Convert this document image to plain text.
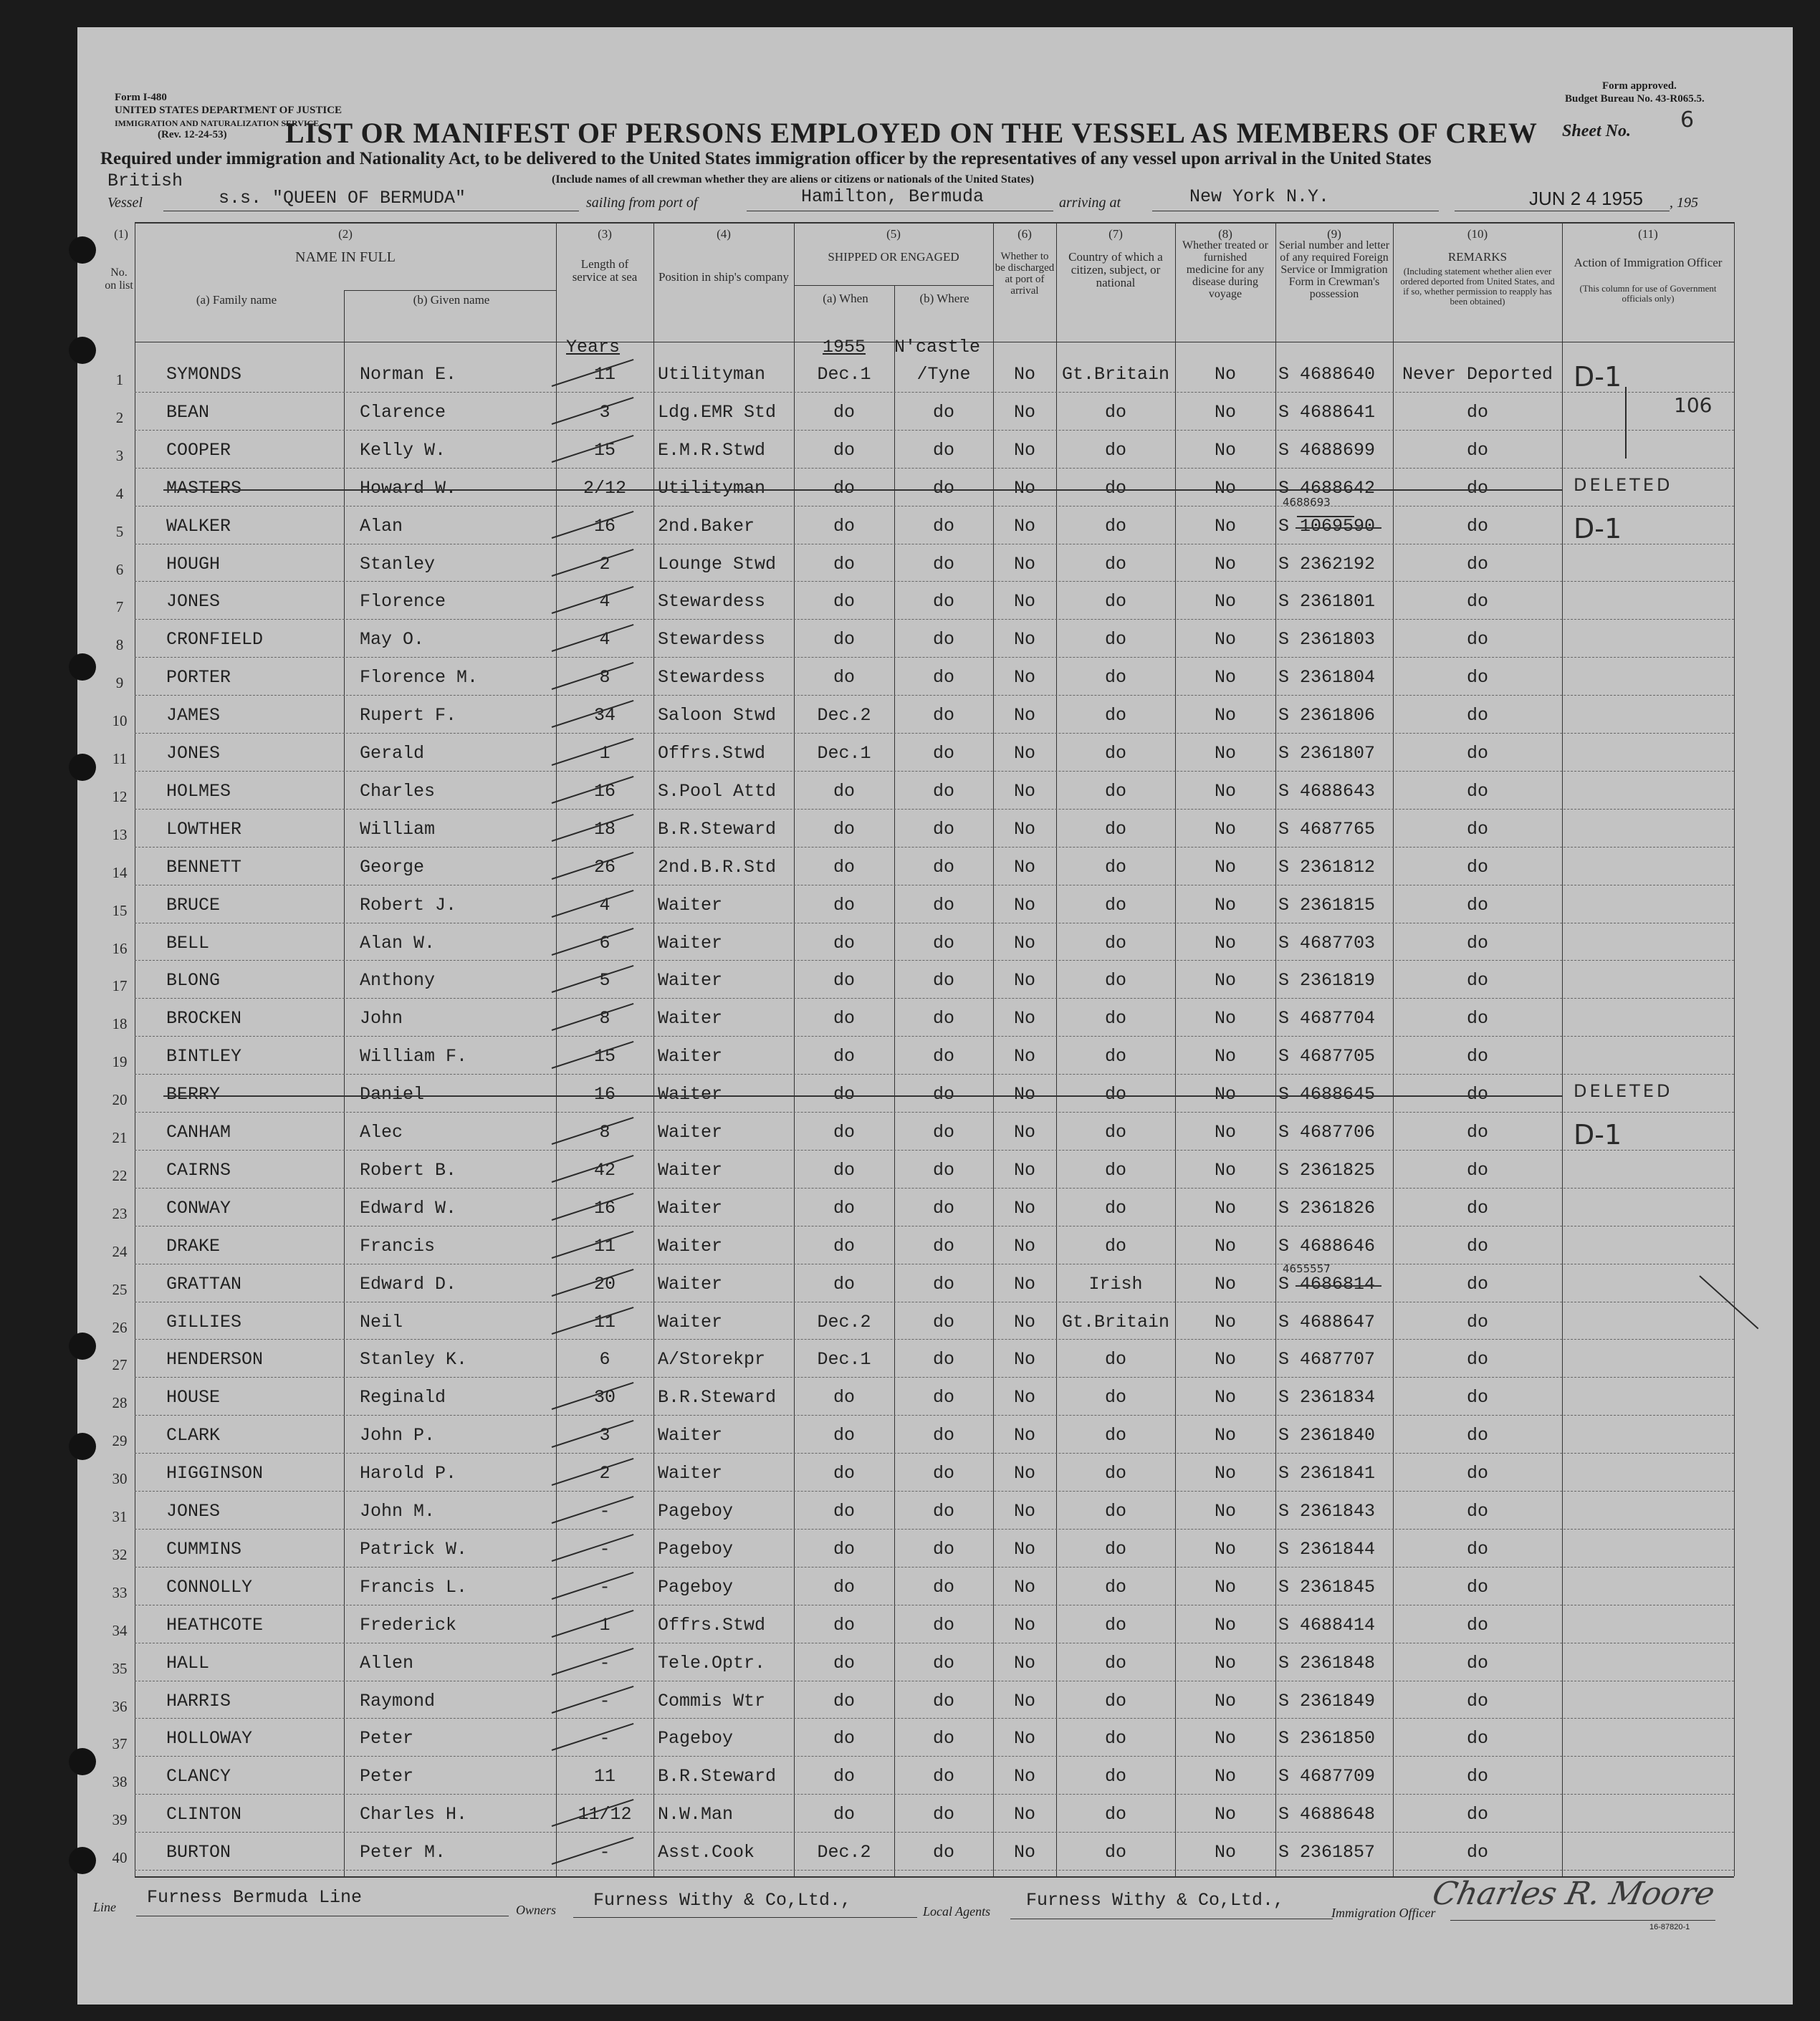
Form I-480
UNITED STATES DEPARTMENT OF JUSTICE
IMMIGRATION AND NATURALIZATION SERVICE
(Rev. 12-24-53)
Form approved.
Budget Bureau No. 43-R065.5.
Sheet No. 6
LIST OR MANIFEST OF PERSONS EMPLOYED ON THE VESSEL AS MEMBERS OF CREW
Required under immigration and Nationality Act, to be delivered to the United States immigration officer by the representatives of any vessel upon arrival in the United States
British	(Include names of all crewman whether they are aliens or citizens or nationals of the United States)
Vessel	s.s. "QUEEN OF BERMUDA"	sailing from port of	Hamilton, Bermuda	arriving at	New York N.Y.	JUN 2 4 1955 , 195
(1)
No. on list
(2)
NAME IN FULL
(a) Family name	(b) Given name
(3)
Length of service at sea
(4)
Position in ship's company
(5)
SHIPPED OR ENGAGED
(a) When	(b) Where
(6)
Whether to be discharged at port of arrival
(7)
Country of which a citizen, subject, or national
(8)
Whether treated or furnished medicine for any disease during voyage
(9)
Serial number and letter of any required Foreign Service or Immigration Form in Crewman's possession
(10)
REMARKS
(Including statement whether alien ever ordered deported from United States, and if so, whether permission to reapply has been obtained)
(11)
Action of Immigration Officer
(This column for use of Government officials only)
Years	1955 N'castle
1	SYMONDS	Norman E.	11	Utilityman	Dec.1	/Tyne	No	Gt.Britain	No	S 4688640	Never Deported D-1
2	BEAN	Clarence	3	Ldg.EMR Std	do	do	No	do	No	S 4688641	do	106
3	COOPER	Kelly W.	15	E.M.R.Stwd	do	do	No	do	No	S 4688699	do
4	MASTERS	Howard W.	2/12	Utilityman	do	do	No	do	No	S 4688642	do	DELETED
5	WALKER	Alan	16	2nd.Baker	do	do	No	do	No	S 1069590	do	D-1
6	HOUGH	Stanley	2	Lounge Stwd	do	do	No	do	No	S 2362192	do
7	JONES	Florence	4	Stewardess	do	do	No	do	No	S 2361801	do
8	CRONFIELD	May O.	4	Stewardess	do	do	No	do	No	S 2361803	do
9	PORTER	Florence M.	8	Stewardess	do	do	No	do	No	S 2361804	do
10 JAMES	Rupert F.	34	Saloon Stwd	Dec.2	do	No	do	No	S 2361806	do
11 JONES	Gerald	1	Offrs.Stwd	Dec.1	do	No	do	No	S 2361807	do
12 HOLMES	Charles	16	S.Pool Attd	do	do	No	do	No	S 4688643	do
13 LOWTHER	William	18	B.R.Steward	do	do	No	do	No	S 4687765	do
14 BENNETT	George	26	2nd.B.R.Std	do	do	No	do	No	S 2361812	do
15 BRUCE	Robert J.	4	Waiter	do	do	No	do	No	S 2361815	do
16 BELL	Alan W.	6	Waiter	do	do	No	do	No	S 4687703	do
17 BLONG	Anthony	5	Waiter	do	do	No	do	No	S 2361819	do
18 BROCKEN	John	8	Waiter	do	do	No	do	No	S 4687704	do
19 BINTLEY	William F.	15	Waiter	do	do	No	do	No	S 4687705	do
20 BERRY	Daniel	16	Waiter	do	do	No	do	No	S 4688645	do	DELETED
21 CANHAM	Alec	8	Waiter	do	do	No	do	No	S 4687706	do	D-1
22 CAIRNS	Robert B.	42	Waiter	do	do	No	do	No	S 2361825	do
23 CONWAY	Edward W.	16	Waiter	do	do	No	do	No	S 2361826	do
24 DRAKE	Francis	11	Waiter	do	do	No	do	No	S 4688646	do
25 GRATTAN	Edward D.	20	Waiter	do	do	No	Irish	No	S 4686814	do
26 GILLIES	Neil	11	Waiter	Dec.2	do	No	Gt.Britain	No	S 4688647	do
27 HENDERSON	Stanley K.	6	A/Storekpr	Dec.1	do	No	do	No	S 4687707	do
28 HOUSE	Reginald	30	B.R.Steward	do	do	No	do	No	S 2361834	do
29 CLARK	John P.	3	Waiter	do	do	No	do	No	S 2361840	do
30 HIGGINSON	Harold P.	2	Waiter	do	do	No	do	No	S 2361841	do
31 JONES	John M.	-	Pageboy	do	do	No	do	No	S 2361843	do
32 CUMMINS	Patrick W.	-	Pageboy	do	do	No	do	No	S 2361844	do
33 CONNOLLY	Francis L.	-	Pageboy	do	do	No	do	No	S 2361845	do
34 HEATHCOTE	Frederick	1	Offrs.Stwd	do	do	No	do	No	S 4688414	do
35 HALL	Allen	-	Tele.Optr.	do	do	No	do	No	S 2361848	do
36 HARRIS	Raymond	-	Commis Wtr	do	do	No	do	No	S 2361849	do
37 HOLLOWAY	Peter	-	Pageboy	do	do	No	do	No	S 2361850	do
38 CLANCY	Peter	11	B.R.Steward	do	do	No	do	No	S 4687709	do
39 CLINTON	Charles H.	11/12	N.W.Man	do	do	No	do	No	S 4688648	do
40 BURTON	Peter M.	-	Asst.Cook	Dec.2	do	No	do	No	S 2361857	do
4688693
4655557
Line Furness Bermuda Line
Owners Furness Withy & Co,Ltd.,
Local Agents
Furness Withy & Co,Ltd.,
Immigration Officer
Charles R. Moore
16-87820-1
